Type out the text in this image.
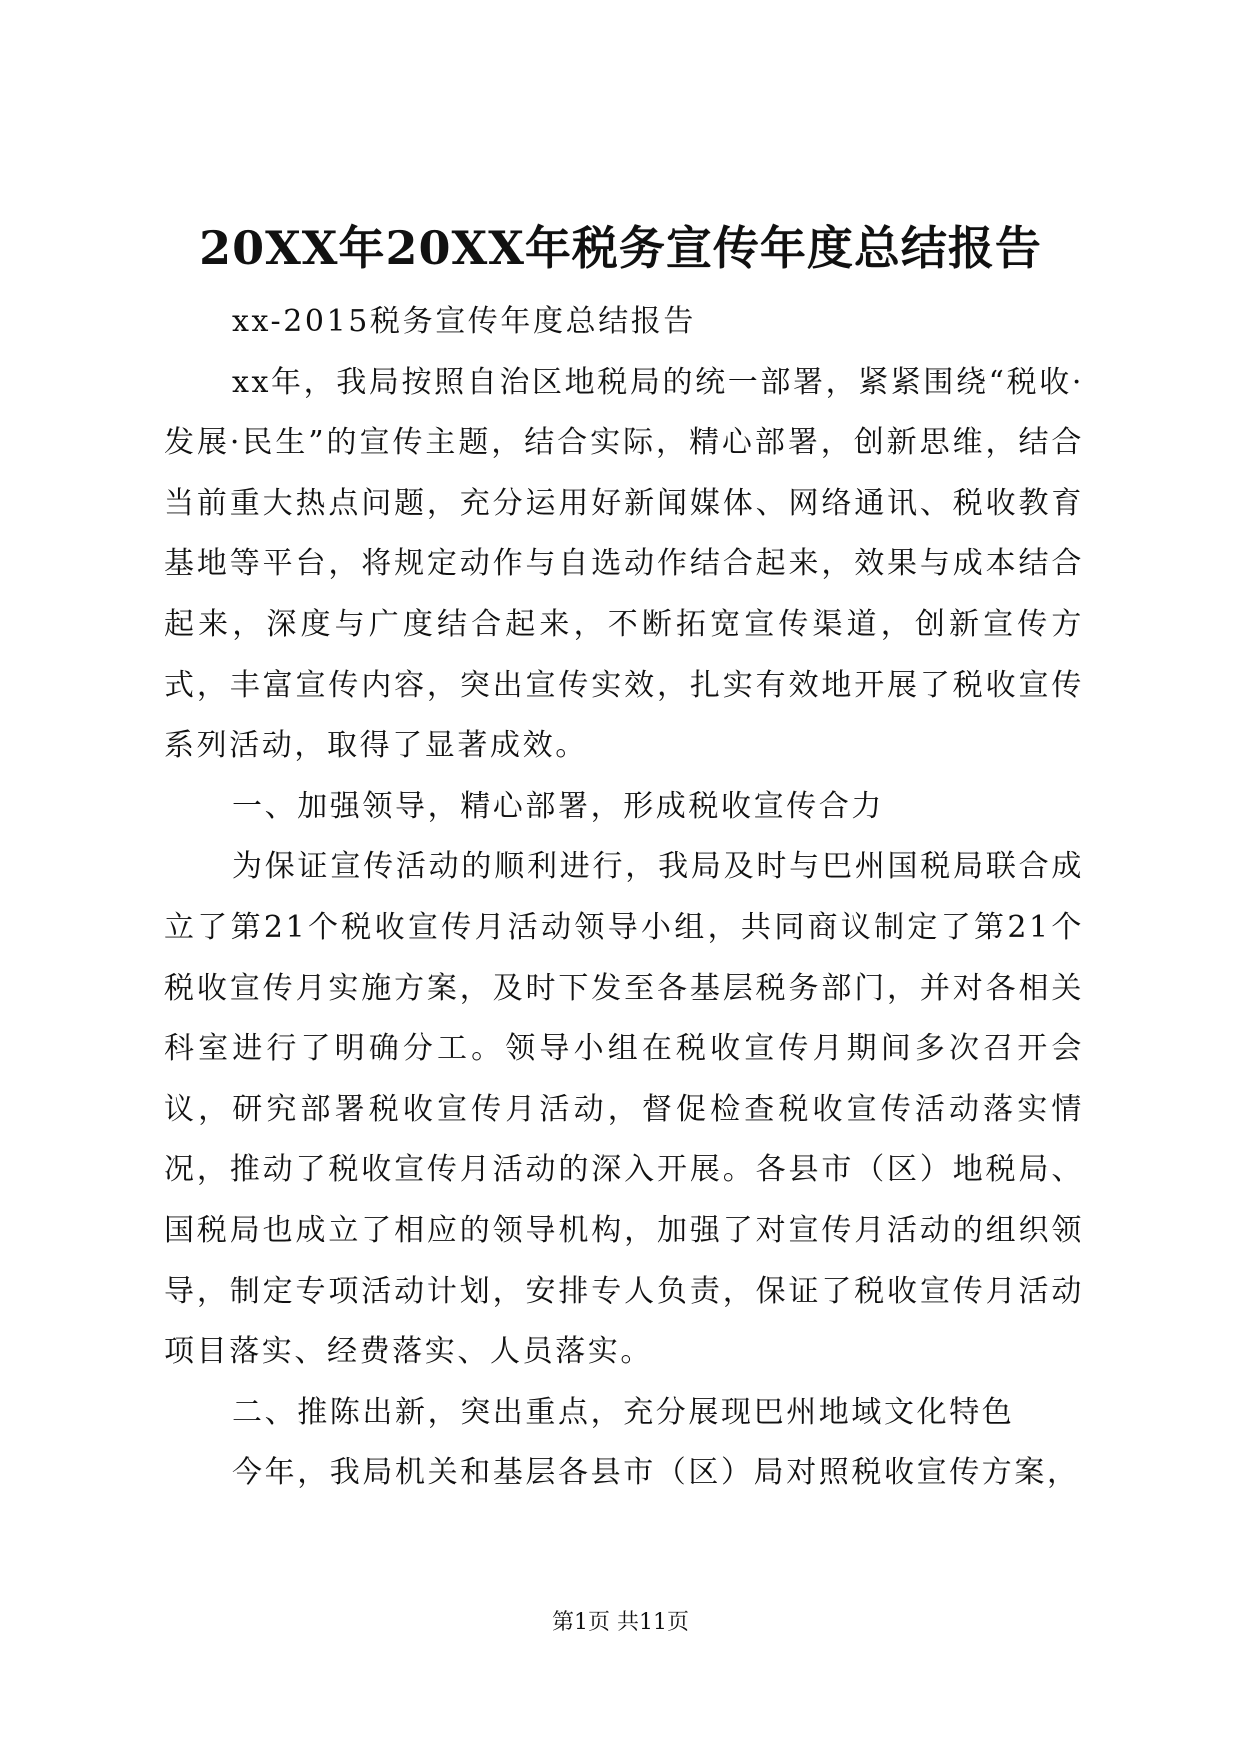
20XX年20XX年税务宣传年度总结报告

xx-2015税务宣传年度总结报告

xx年，我局按照自治区地税局的统一部署，紧紧围绕“税收·发展·民生”的宣传主题，结合实际，精心部署，创新思维，结合当前重大热点问题，充分运用好新闻媒体、网络通讯、税收教育基地等平台，将规定动作与自选动作结合起来，效果与成本结合起来，深度与广度结合起来，不断拓宽宣传渠道，创新宣传方式，丰富宣传内容，突出宣传实效，扎实有效地开展了税收宣传系列活动，取得了显著成效。

一、加强领导，精心部署，形成税收宣传合力

为保证宣传活动的顺利进行，我局及时与巴州国税局联合成立了第21个税收宣传月活动领导小组，共同商议制定了第21个税收宣传月实施方案，及时下发至各基层税务部门，并对各相关科室进行了明确分工。领导小组在税收宣传月期间多次召开会议，研究部署税收宣传月活动，督促检查税收宣传活动落实情况，推动了税收宣传月活动的深入开展。各县市（区）地税局、国税局也成立了相应的领导机构，加强了对宣传月活动的组织领导，制定专项活动计划，安排专人负责，保证了税收宣传月活动项目落实、经费落实、人员落实。

二、推陈出新，突出重点，充分展现巴州地域文化特色

今年，我局机关和基层各县市（区）局对照税收宣传方案，

第1页 共11页
